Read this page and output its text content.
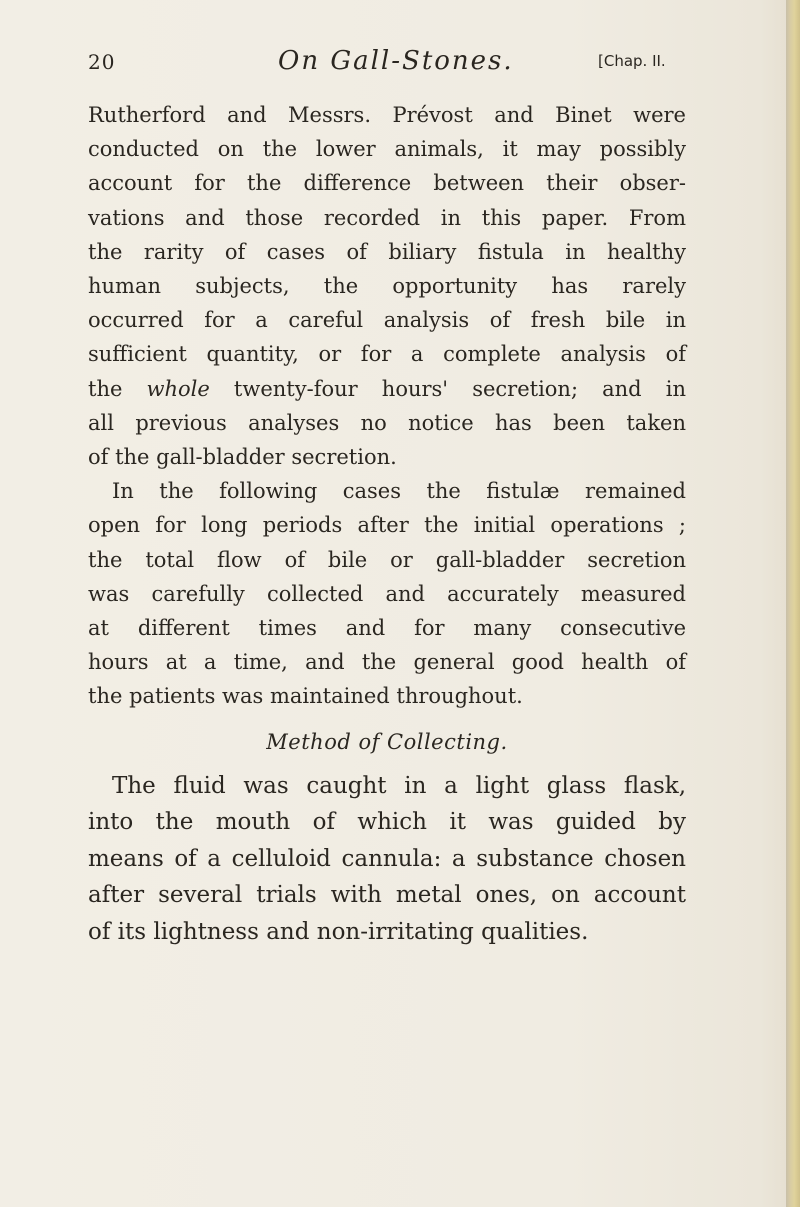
20	On Gall-Stones.	[Chap. II.

Rutherford and Messrs. Prévost and Binet were
conducted on the lower animals, it may possibly
account for the difference between their obser-
vations and those recorded in this paper. From
the rarity of cases of biliary fistula in healthy
human subjects, the opportunity has rarely
occurred for a careful analysis of fresh bile in
sufficient quantity, or for a complete analysis of
the whole twenty-four hours' secretion; and in
all previous analyses no notice has been taken
of the gall-bladder secretion.

In the following cases the fistulæ remained
open for long periods after the initial operations ;
the total flow of bile or gall-bladder secretion
was carefully collected and accurately measured
at different times and for many consecutive
hours at a time, and the general good health of
the patients was maintained throughout.

Method of Collecting.

The fluid was caught in a light glass flask,
into the mouth of which it was guided by
means of a celluloid cannula: a substance chosen
after several trials with metal ones, on account
of its lightness and non-irritating qualities.
